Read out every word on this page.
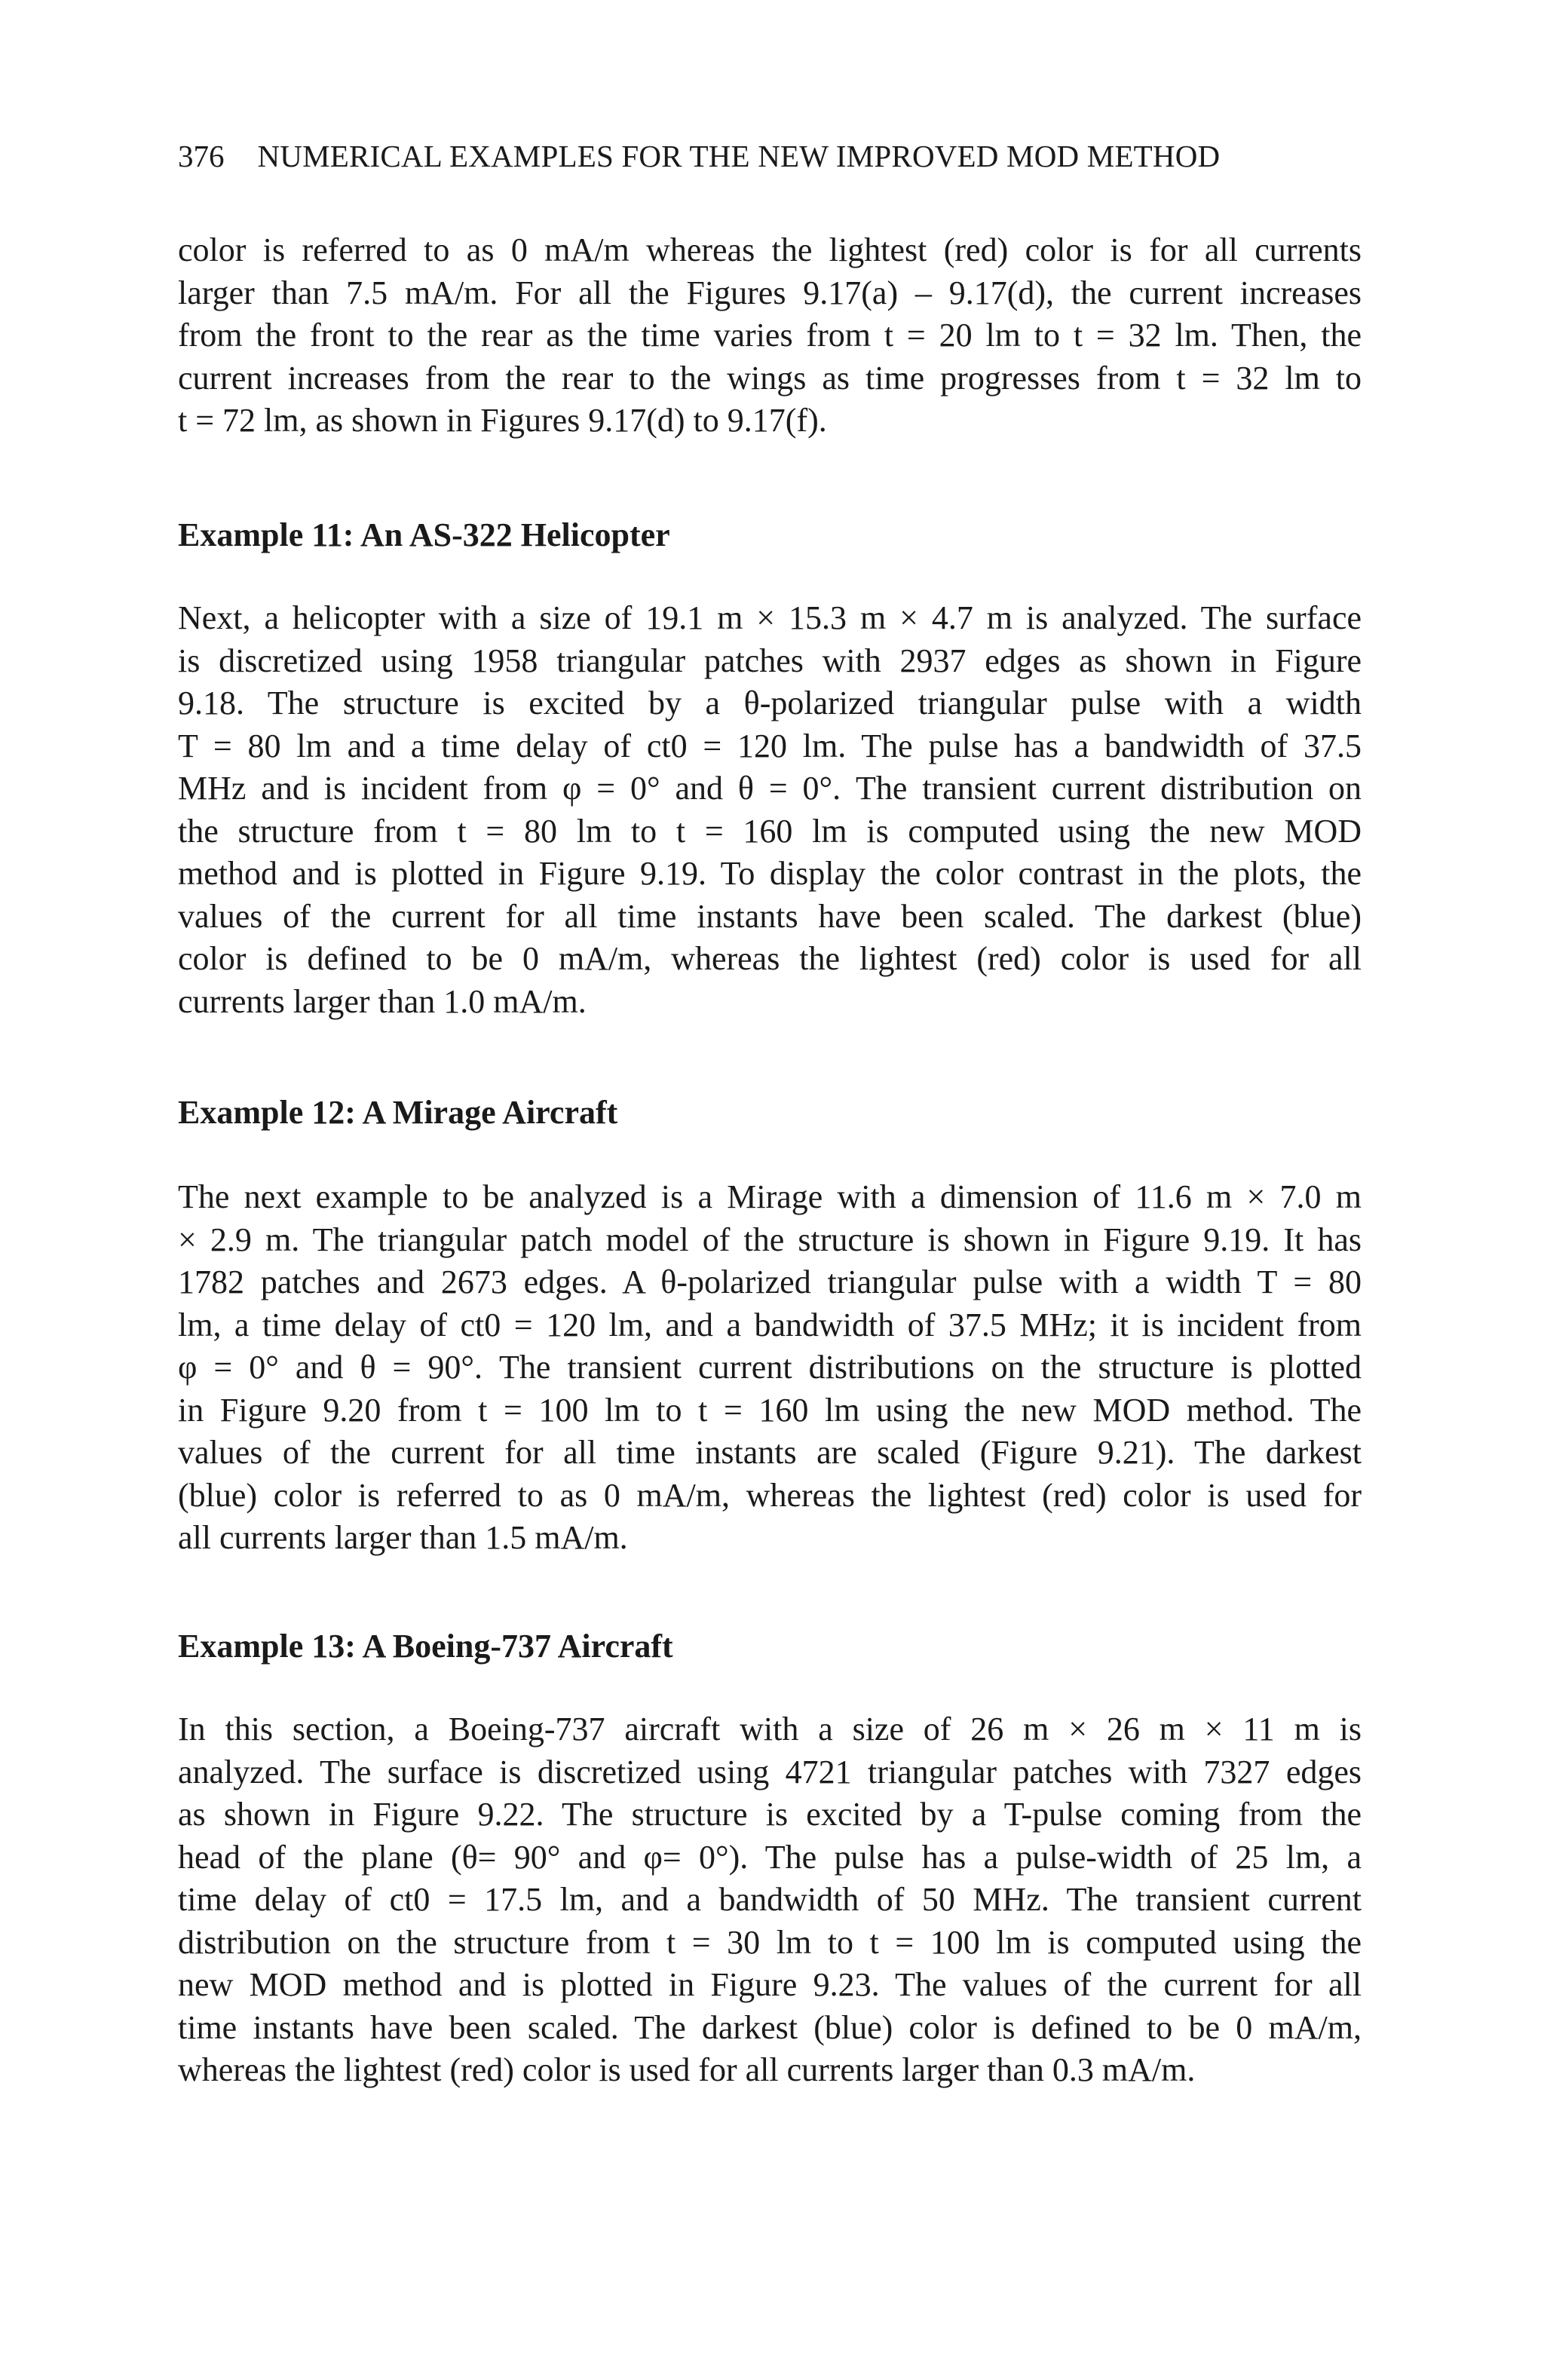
376 NUMERICAL EXAMPLES FOR THE NEW IMPROVED MOD METHOD

color is referred to as 0 mA/m whereas the lightest (red) color is for all currents
larger than 7.5 mA/m. For all the Figures 9.17(a) – 9.17(d), the current increases
from the front to the rear as the time varies from t = 20 lm to t = 32 lm. Then, the
current increases from the rear to the wings as time progresses from t = 32 lm to
t = 72 lm, as shown in Figures 9.17(d) to 9.17(f).

Example 11: An AS-322 Helicopter

Next, a helicopter with a size of 19.1 m × 15.3 m × 4.7 m is analyzed. The surface
is discretized using 1958 triangular patches with 2937 edges as shown in Figure
9.18. The structure is excited by a θ-polarized triangular pulse with a width
T = 80 lm and a time delay of ct0 = 120 lm. The pulse has a bandwidth of 37.5
MHz and is incident from φ = 0° and θ = 0°. The transient current distribution on
the structure from t = 80 lm to t = 160 lm is computed using the new MOD
method and is plotted in Figure 9.19. To display the color contrast in the plots, the
values of the current for all time instants have been scaled. The darkest (blue)
color is defined to be 0 mA/m, whereas the lightest (red) color is used for all
currents larger than 1.0 mA/m.

Example 12: A Mirage Aircraft

The next example to be analyzed is a Mirage with a dimension of 11.6 m × 7.0 m
× 2.9 m. The triangular patch model of the structure is shown in Figure 9.19. It has
1782 patches and 2673 edges. A θ-polarized triangular pulse with a width T = 80
lm, a time delay of ct0 = 120 lm, and a bandwidth of 37.5 MHz; it is incident from
φ = 0° and θ = 90°. The transient current distributions on the structure is plotted
in Figure 9.20 from t = 100 lm to t = 160 lm using the new MOD method. The
values of the current for all time instants are scaled (Figure 9.21). The darkest
(blue) color is referred to as 0 mA/m, whereas the lightest (red) color is used for
all currents larger than 1.5 mA/m.

Example 13: A Boeing-737 Aircraft

In this section, a Boeing-737 aircraft with a size of 26 m × 26 m × 11 m is
analyzed. The surface is discretized using 4721 triangular patches with 7327 edges
as shown in Figure 9.22. The structure is excited by a T-pulse coming from the
head of the plane (θ= 90° and φ= 0°). The pulse has a pulse-width of 25 lm, a
time delay of ct0 = 17.5 lm, and a bandwidth of 50 MHz. The transient current
distribution on the structure from t = 30 lm to t = 100 lm is computed using the
new MOD method and is plotted in Figure 9.23. The values of the current for all
time instants have been scaled. The darkest (blue) color is defined to be 0 mA/m,
whereas the lightest (red) color is used for all currents larger than 0.3 mA/m.
